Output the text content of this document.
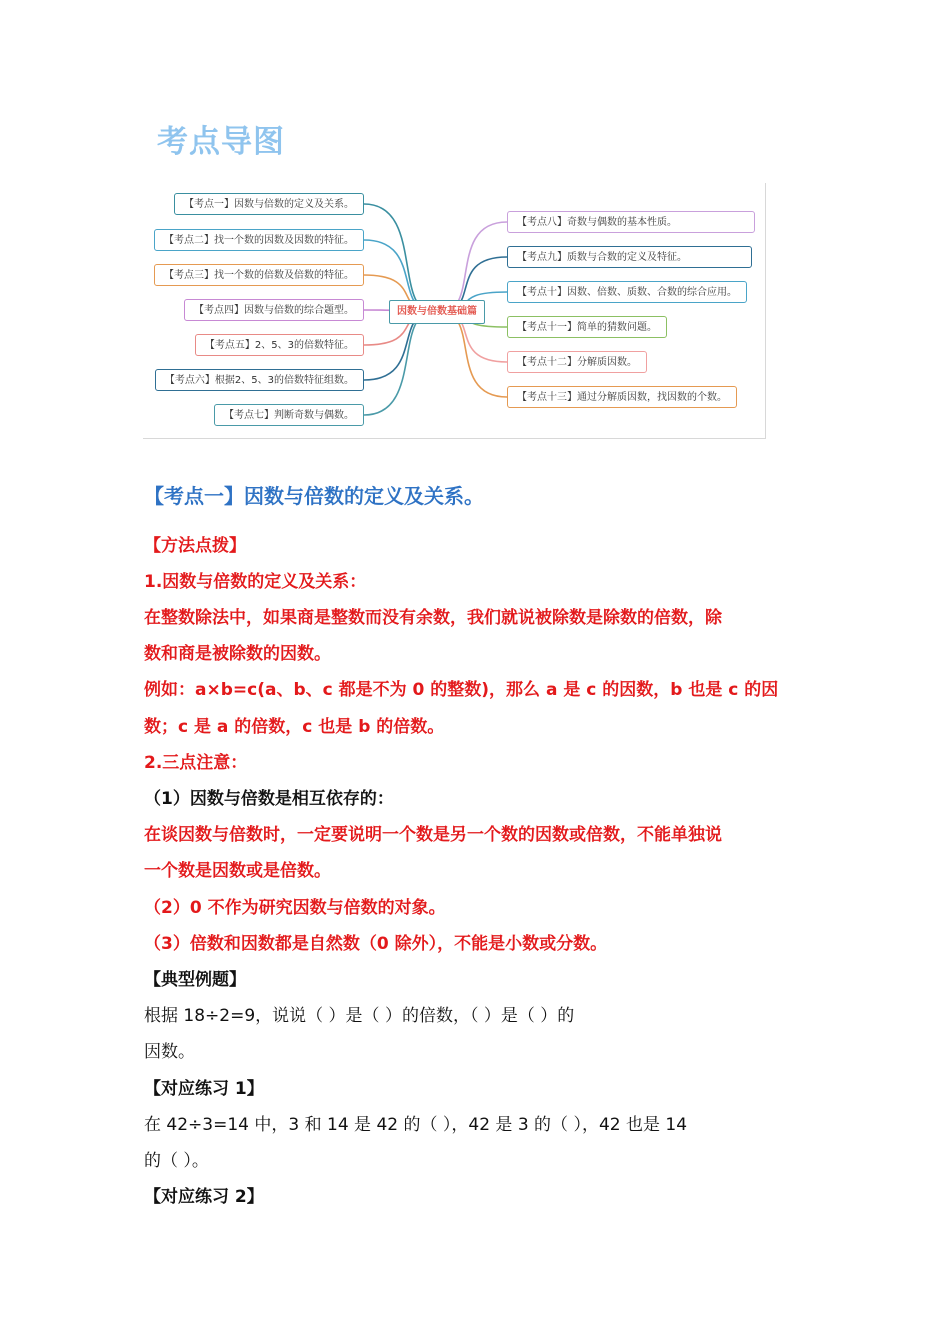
考点导图
因数与倍数基础篇
【考点一】因数与倍数的定义及关系。
【考点二】找一个数的因数及因数的特征。
【考点三】找一个数的倍数及倍数的特征。
【考点四】因数与倍数的综合题型。
【考点五】2、5、3的倍数特征。
【考点六】根据2、5、3的倍数特征组数。
【考点七】判断奇数与偶数。
【考点八】奇数与偶数的基本性质。
【考点九】质数与合数的定义及特征。
【考点十】因数、倍数、质数、合数的综合应用。
【考点十一】简单的猜数问题。
【考点十二】分解质因数。
【考点十三】通过分解质因数，找因数的个数。
【考点一】因数与倍数的定义及关系。
【方法点拨】
1.因数与倍数的定义及关系：
在整数除法中，如果商是整数而没有余数，我们就说被除数是除数的倍数，除
数和商是被除数的因数。
例如：a×b=c(a、b、c 都是不为 0 的整数)，那么 a 是 c 的因数，b 也是 c 的因
数；c 是 a 的倍数，c 也是 b 的倍数。
2.三点注意：
（1）因数与倍数是相互依存的：
在谈因数与倍数时，一定要说明一个数是另一个数的因数或倍数，不能单独说
一个数是因数或是倍数。
（2）0 不作为研究因数与倍数的对象。
（3）倍数和因数都是自然数（0 除外），不能是小数或分数。
【典型例题】
根据 18÷2=9，说说（ ）是（ ）的倍数，（ ）是（ ）的
因数。
【对应练习 1】
在 42÷3=14 中，3 和 14 是 42 的（ ），42 是 3 的（ ），42 也是 14
的（ ）。
【对应练习 2】
